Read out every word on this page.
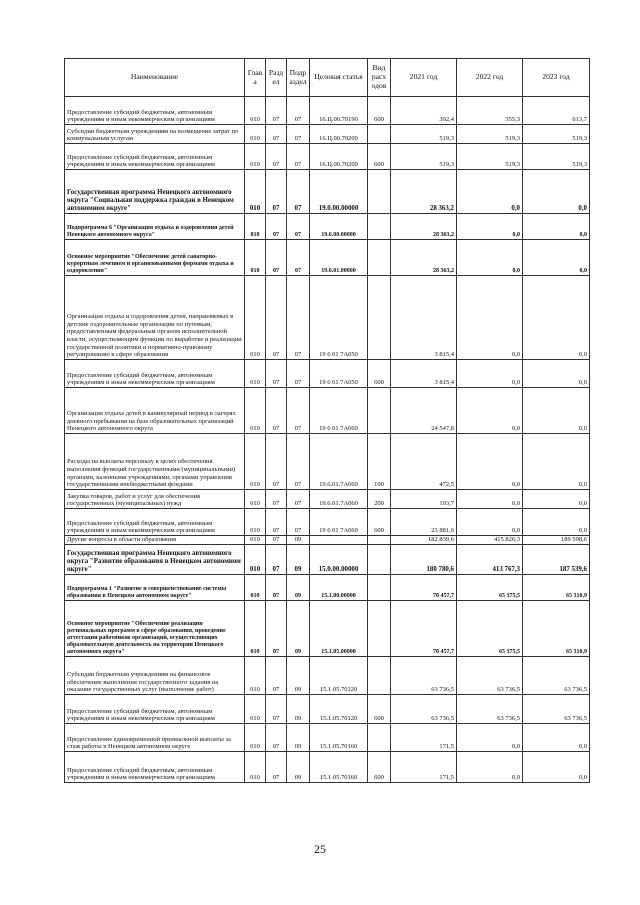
Наименование	Глав а	Разд ел	Подр аздел	Целевая статья	Вид расх одов	2021 год	2022 год	2023 год
Предоставление субсидий бюджетным, автономным учреждениям и иным некоммерческим организациям	010	07	07	16.Ц.00.70190	600	392,4	355,3	613,7
Субсидии бюджетным учреждениям на возмещение затрат по коммунальным услугам	010	07	07	16.Ц.00.70200		519,3	519,3	519,3
Предоставление субсидий бюджетным, автономным учреждениям и иным некоммерческим организациям	010	07	07	16.Ц.00.70200	600	519,3	519,3	519,3
Государственная программа Ненецкого автономного округа "Социальная поддержка граждан в Ненецком автономном округе"	010	07	07	19.0.00.00000		28 363,2	0,0	0,0
Подпрограмма 6 "Организация отдыха и оздоровления детей Ненецкого автономного округа"	010	07	07	19.6.00.00000		28 363,2	0,0	0,0
Основное мероприятие "Обеспечение детей санаторно-курортным лечением и организованными формами отдыха и оздоровления"	010	07	07	19.6.01.00000		28 363,2	0,0	0,0
Организация отдыха и оздоровления детей, направляемых в детские оздоровительные организации по путевкам, предоставленным федеральным органом исполнительной власти, осуществляющим функции по выработке и реализации государственной политики и нормативно-правовому регулированию в сфере образования	010	07	07	19 6 01 7А050		3 815,4	0,0	0,0
Предоставление субсидий бюджетным, автономным учреждениям и иным некоммерческим организациям	010	07	07	19 6 01 7А050	600	3 815,4	0,0	0,0
Организация отдыха детей в каникулярный период в лагерях дневного пребывания на базе образовательных организаций Ненецкого автономного округа	010	07	07	19 6 01 7А060		24 547,8	0,0	0,0
Расходы на выплаты персоналу в целях обеспечения выполнения функций государственными (муниципальными) органами, казенными учреждениями, органами управления государственными внебюджетными фондами	010	07	07	19.6.01.7А060	100	472,5	0,0	0,0
Закупка товаров, работ и услуг для обеспечения государственных (муниципальных) нужд	010	07	07	19.6.01.7А060	200	193,7	0,0	0,0
Предоставление субсидий бюджетным, автономным учреждениям и иным некоммерческим организациям	010	07	07	19 6 01 7А060	600	23 881,6	0,0	0,0
Другие вопросы в области образования	010	07	09			182 839,6	415 826,3	189 598,6
Государственная программа Ненецкого автономного округа "Развитие образования в Ненецком автономном округе"	010	07	09	15.0.00.00000		180 780,6	413 767,3	187 539,6
Подпрограмма 1 "Развитие и совершенствование системы образования в Ненецком автономном округе"	010	07	09	15.1.00.00000		70 457,7	65 375,5	65 310,9
Основное мероприятие "Обеспечение реализации региональных программ в сфере образования, проведение аттестации работников организаций, осуществляющих образовательную деятельность на территории Ненецкого автономного округа"	010	07	09	15.1.05.00000		70 457,7	65 375,5	65 310,9
Субсидии бюджетным учреждениям на финансовое обеспечение выполнения государственного задания на оказание государственных услуг (выполнение работ)	010	07	09	15.1.05.70120		63 736,5	63 736,5	63 736,5
Предоставление субсидий бюджетным, автономным учреждениям и иным некоммерческим организациям	010	07	09	15.1.05.70120	600	63 736,5	63 736,5	63 736,5
Предоставление единовременной премиальной выплаты за стаж работы в Ненецком автономном округе	010	07	09	15.1.05.70160		171,5	0,0	0,0
Предоставление субсидий бюджетным, автономным учреждениям и иным некоммерческим организациям	010	07	09	15.1.05.70160	600	171,5	0,0	0,0
25
